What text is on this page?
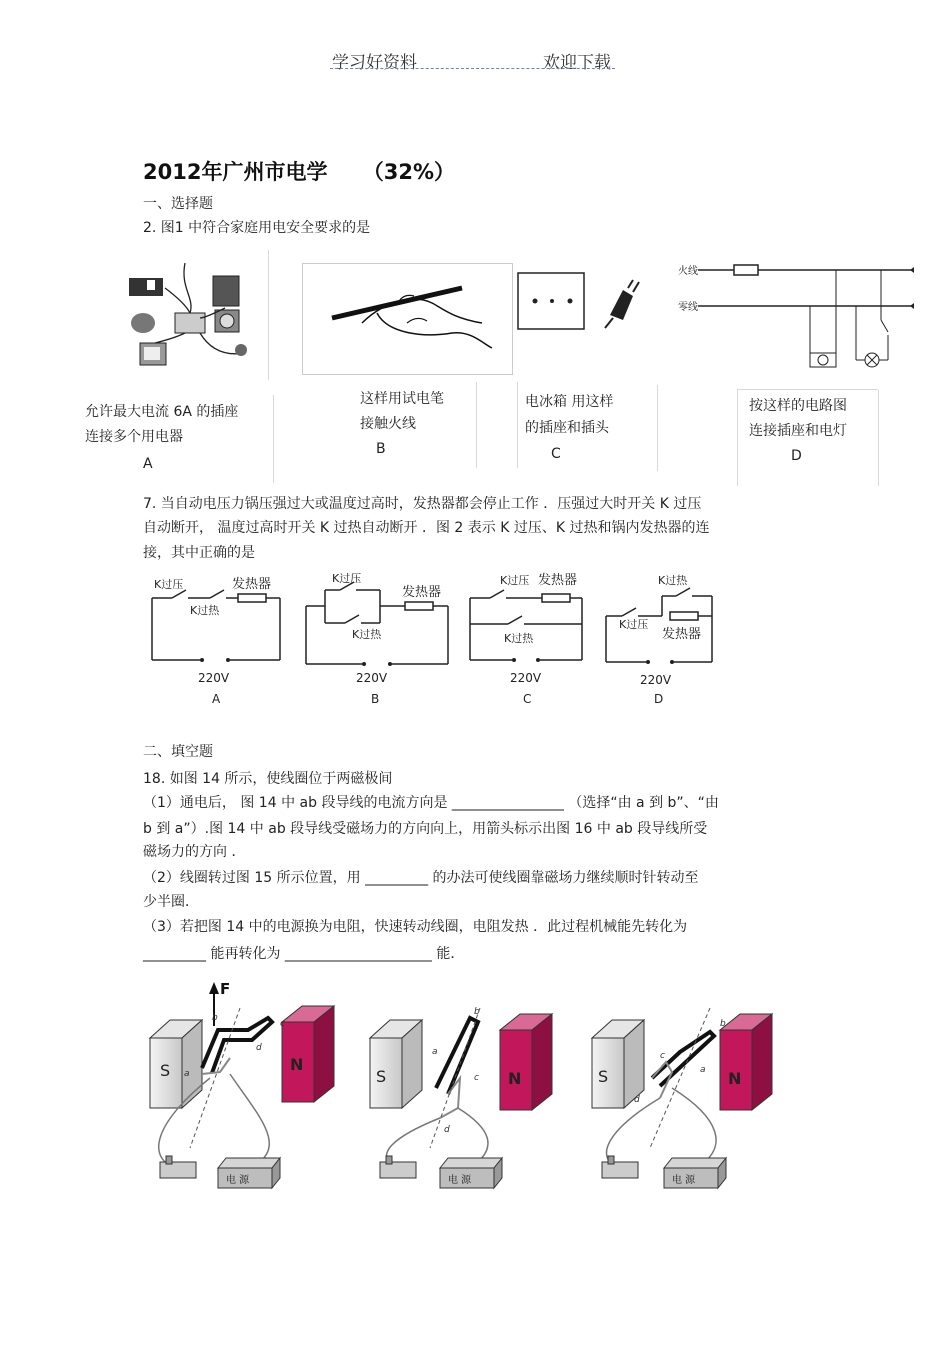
学习好资料	欢迎下载
2012年广州市电学 （32%）
一、选择题
2. 图1 中符合家庭用电安全要求的是
火线
零线
允许最大电流 6A 的插座
连接多个用电器
A
这样用试电笔
接触火线
B
电冰箱 用这样
的插座和插头
C
按这样的电路图
连接插座和电灯
D
7. 当自动电压力锅压强过大或温度过高时，发热器都会停止工作 ．压强过大时开关 K 过压
自动断开， 温度过高时开关 K 过热自动断开 ．图 2 表示 K 过压、K 过热和锅内发热器的连
接，其中正确的是
K过压	发热器
K过热
220V
A
K过压
发热器
K过热
220V
B
K过压 发热器
K过热
220V
C
K过热
K过压
发热器
220V
D
二、填空题
18. 如图 14 所示，使线圈位于两磁极间
（1）通电后， 图 14 中 ab 段导线的电流方向是 ________________ （选择“由 a 到 b”、“由
b 到 a”）.图 14 中 ab 段导线受磁场力的方向向上，用箭头标示出图 16 中 ab 段导线所受
磁场力的方向 ．
（2）线圈转过图 15 所示位置，用 _________ 的办法可使线圈靠磁场力继续顺时针转动至
少半圈．
（3）若把图 14 中的电源换为电阻，快速转动线圈，电阻发热 ．此过程机械能先转化为
_________ 能再转化为 _____________________ 能．
S	N
F
a
b
c
d
电 源
S	N
a
b
c
d
电 源
S	N
a
b
c
d
电 源
